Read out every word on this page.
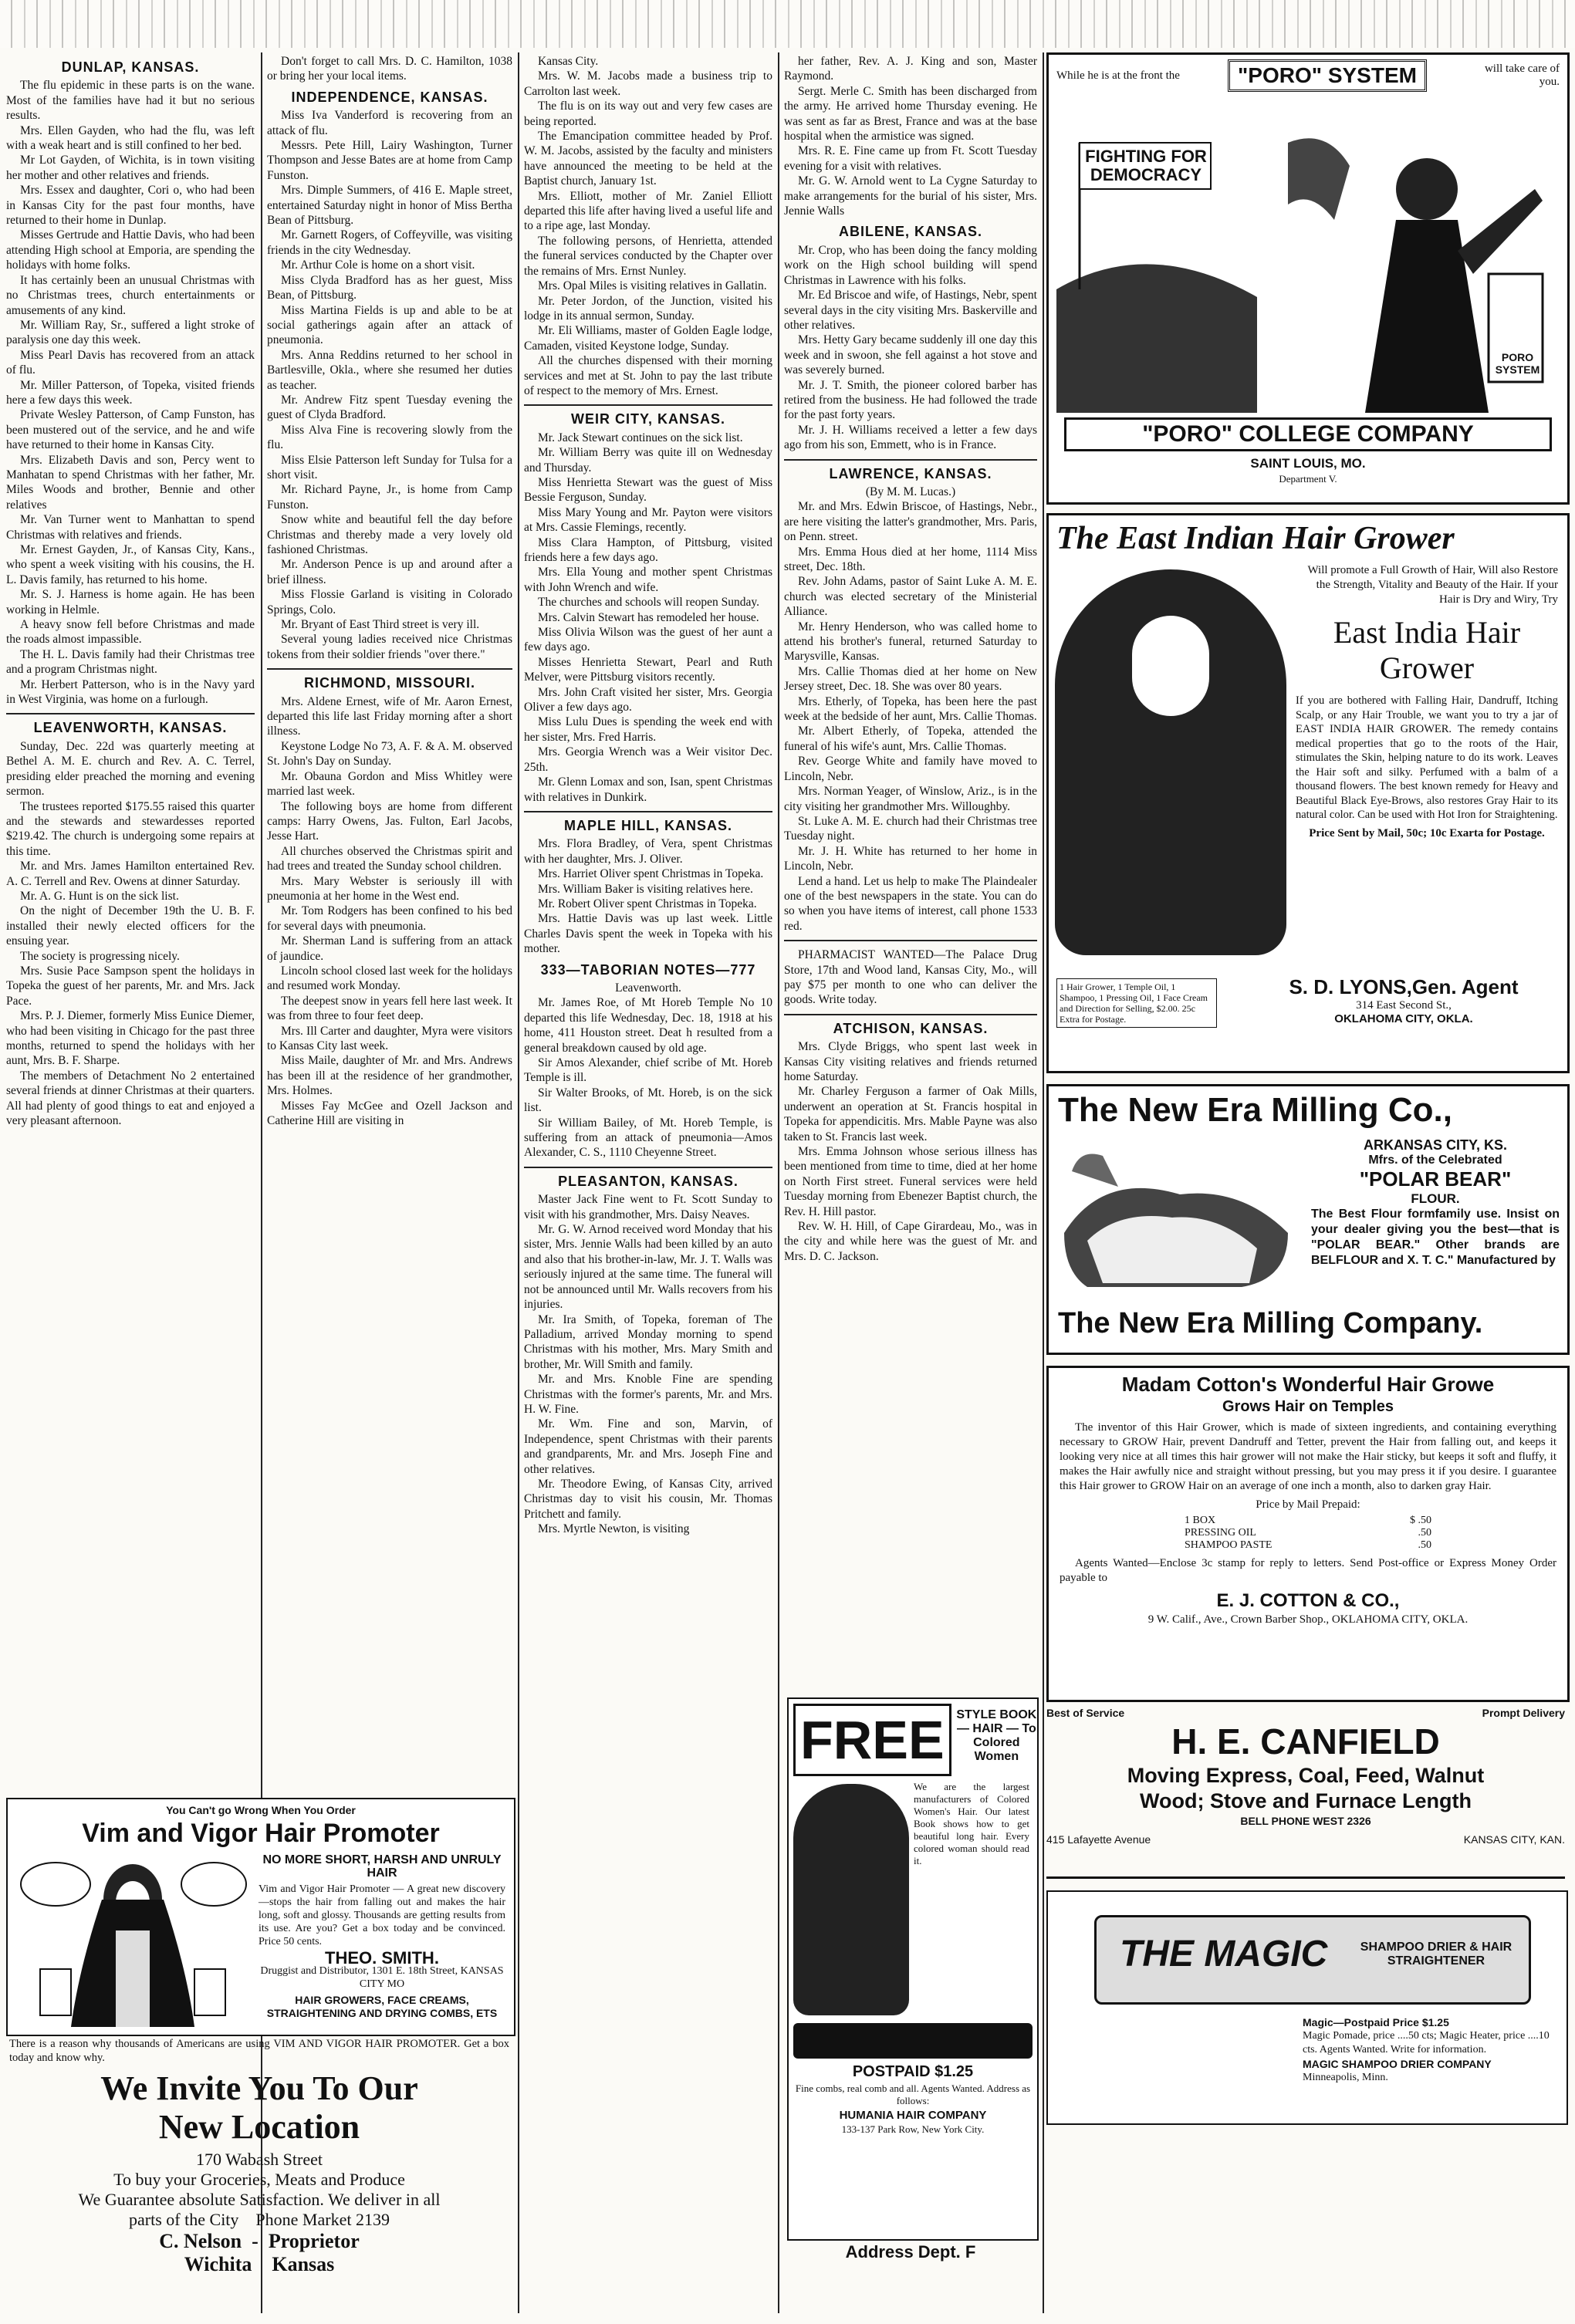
DUNLAP, KANSAS.

The flu epidemic in these parts is on the wane. Most of the families have had it but no serious results.

Mrs. Ellen Gayden, who had the flu, was left with a weak heart and is still confined to her bed.

Mr Lot Gayden, of Wichita, is in town visiting her mother and other relatives and friends.

Mrs. Essex and daughter, Cori o, who had been in Kansas City for the past four months, have returned to their home in Dunlap.

Misses Gertrude and Hattie Davis, who had been attending High school at Emporia, are spending the holidays with home folks.

It has certainly been an unusual Christmas with no Christmas trees, church entertainments or amusements of any kind.

Mr. William Ray, Sr., suffered a light stroke of paralysis one day this week.

Miss Pearl Davis has recovered from an attack of flu.

Mr. Miller Patterson, of Topeka, visited friends here a few days this week.

Private Wesley Patterson, of Camp Funston, has been mustered out of the service, and he and wife have returned to their home in Kansas City.

Mrs. Elizabeth Davis and son, Percy went to Manhatan to spend Christmas with her father, Mr. Miles Woods and brother, Bennie and other relatives

Mr. Van Turner went to Manhattan to spend Christmas with relatives and friends.

Mr. Ernest Gayden, Jr., of Kansas City, Kans., who spent a week visiting with his cousins, the H. L. Davis family, has returned to his home.

Mr. S. J. Harness is home again. He has been working in Helmle.

A heavy snow fell before Christmas and made the roads almost impassible.

The H. L. Davis family had their Christmas tree and a program Christmas night.

Mr. Herbert Patterson, who is in the Navy yard in West Virginia, was home on a furlough.

LEAVENWORTH, KANSAS.

Sunday, Dec. 22d was quarterly meeting at Bethel A. M. E. church and Rev. A. C. Terrel, presiding elder preached the morning and evening sermon.

The trustees reported $175.55 raised this quarter and the stewards and stewardesses reported $219.42. The church is undergoing some repairs at this time.

Mr. and Mrs. James Hamilton entertained Rev. A. C. Terrell and Rev. Owens at dinner Saturday.

Mr. A. G. Hunt is on the sick list.

On the night of December 19th the U. B. F. installed their newly elected officers for the ensuing year.

The society is progressing nicely.

Mrs. Susie Pace Sampson spent the holidays in Topeka the guest of her parents, Mr. and Mrs. Jack Pace.

Mrs. P. J. Diemer, formerly Miss Eunice Diemer, who had been visiting in Chicago for the past three months, returned to spend the holidays with her aunt, Mrs. B. F. Sharpe.

The members of Detachment No 2 entertained several friends at dinner Christmas at their quarters. All had plenty of good things to eat and enjoyed a very pleasant afternoon.

Don't forget to call Mrs. D. C. Hamilton, 1038 or bring her your local items.

INDEPENDENCE, KANSAS.

Miss Iva Vanderford is recovering from an attack of flu.

Messrs. Pete Hill, Lairy Washington, Turner Thompson and Jesse Bates are at home from Camp Funston.

Mrs. Dimple Summers, of 416 E. Maple street, entertained Saturday night in honor of Miss Bertha Bean of Pittsburg.

Mr. Garnett Rogers, of Coffeyville, was visiting friends in the city Wednesday.

Mr. Arthur Cole is home on a short visit.

Miss Clyda Bradford has as her guest, Miss Bean, of Pittsburg.

Miss Martina Fields is up and able to be at social gatherings again after an attack of pneumonia.

Mrs. Anna Reddins returned to her school in Bartlesville, Okla., where she resumed her duties as teacher.

Mr. Andrew Fitz spent Tuesday evening the guest of Clyda Bradford.

Miss Alva Fine is recovering slowly from the flu.

Miss Elsie Patterson left Sunday for Tulsa for a short visit.

Mr. Richard Payne, Jr., is home from Camp Funston.

Snow white and beautiful fell the day before Christmas and thereby made a very lovely old fashioned Christmas.

Mr. Anderson Pence is up and around after a brief illness.

Miss Flossie Garland is visiting in Colorado Springs, Colo.

Mr. Bryant of East Third street is very ill.

Several young ladies received nice Christmas tokens from their soldier friends "over there."

RICHMOND, MISSOURI.

Mrs. Aldene Ernest, wife of Mr. Aaron Ernest, departed this life last Friday morning after a short illness.

Keystone Lodge No 73, A. F. & A. M. observed St. John's Day on Sunday.

Mr. Obauna Gordon and Miss Whitley were married last week.

The following boys are home from different camps: Harry Owens, Jas. Fulton, Earl Jacobs, Jesse Hart.

All churches observed the Christmas spirit and had trees and treated the Sunday school children.

Mrs. Mary Webster is seriously ill with pneumonia at her home in the West end.

Mr. Tom Rodgers has been confined to his bed for several days with pneumonia.

Mr. Sherman Land is suffering from an attack of jaundice.

Lincoln school closed last week for the holidays and resumed work Monday.

The deepest snow in years fell here last week. It was from three to four feet deep.

Mrs. Ill Carter and daughter, Myra were visitors to Kansas City last week.

Miss Maile, daughter of Mr. and Mrs. Andrews has been ill at the residence of her grandmother, Mrs. Holmes.

Misses Fay McGee and Ozell Jackson and Catherine Hill are visiting in

You Can't go Wrong When You Order
Vim and Vigor Hair Promoter
NO MORE SHORT, HARSH AND UNRULY HAIR
Vim and Vigor Hair Promoter — A great new discovery—stops the hair from falling out and makes the hair long, soft and glossy. Thousands are getting results from its use. Are you? Get a box today and be convinced. Price 50 cents.
THEO. SMITH.
Druggist and Distributor, 1301 E. 18th Street, KANSAS CITY MO
HAIR GROWERS, FACE CREAMS, STRAIGHTENING AND DRYING COMBS, ETS
There is a reason why thousands of Americans are using VIM AND VIGOR HAIR PROMOTER. Get a box today and know why.
We Invite You To Our
New Location
170 Wabash Street
To buy your Groceries, Meats and Produce
We Guarantee absolute Satisfaction. We deliver in all
parts of the City Phone Market 2139
C. Nelson  -  Proprietor
Wichita Kansas

Kansas City.

Mrs. W. M. Jacobs made a business trip to Carrolton last week.

The flu is on its way out and very few cases are being reported.

The Emancipation committee headed by Prof. W. M. Jacobs, assisted by the faculty and ministers have announced the meeting to be held at the Baptist church, January 1st.

Mrs. Elliott, mother of Mr. Zaniel Elliott departed this life after having lived a useful life and to a ripe age, last Monday.

The following persons, of Henrietta, attended the funeral services conducted by the Chapter over the remains of Mrs. Ernst Nunley.

Mrs. Opal Miles is visiting relatives in Gallatin.

Mr. Peter Jordon, of the Junction, visited his lodge in its annual sermon, Sunday.

Mr. Eli Williams, master of Golden Eagle lodge, Camaden, visited Keystone lodge, Sunday.

All the churches dispensed with their morning services and met at St. John to pay the last tribute of respect to the memory of Mrs. Ernest.

WEIR CITY, KANSAS.

Mr. Jack Stewart continues on the sick list.

Mr. William Berry was quite ill on Wednesday and Thursday.

Miss Henrietta Stewart was the guest of Miss Bessie Ferguson, Sunday.

Miss Mary Young and Mr. Payton were visitors at Mrs. Cassie Flemings, recently.

Miss Clara Hampton, of Pittsburg, visited friends here a few days ago.

Mrs. Ella Young and mother spent Christmas with John Wrench and wife.

The churches and schools will reopen Sunday.

Mrs. Calvin Stewart has remodeled her house.

Miss Olivia Wilson was the guest of her aunt a few days ago.

Misses Henrietta Stewart, Pearl and Ruth Melver, were Pittsburg visitors recently.

Mrs. John Craft visited her sister, Mrs. Georgia Oliver a few days ago.

Miss Lulu Dues is spending the week end with her sister, Mrs. Fred Harris.

Mrs. Georgia Wrench was a Weir visitor Dec. 25th.

Mr. Glenn Lomax and son, Isan, spent Christmas with relatives in Dunkirk.

MAPLE HILL, KANSAS.

Mrs. Flora Bradley, of Vera, spent Christmas with her daughter, Mrs. J. Oliver.

Mrs. Harriet Oliver spent Christmas in Topeka.

Mrs. William Baker is visiting relatives here.

Mr. Robert Oliver spent Christmas in Topeka.

Mrs. Hattie Davis was up last week. Little Charles Davis spent the week in Topeka with his mother.

333—TABORIAN NOTES—777
Leavenworth.

Mr. James Roe, of Mt Horeb Temple No 10 departed this life Wednesday, Dec. 18, 1918 at his home, 411 Houston street. Deat h resulted from a general breakdown caused by old age.

Sir Amos Alexander, chief scribe of Mt. Horeb Temple is ill.

Sir Walter Brooks, of Mt. Horeb, is on the sick list.

Sir William Bailey, of Mt. Horeb Temple, is suffering from an attack of pneumonia—Amos Alexander, C. S., 1110 Cheyenne Street.

PLEASANTON, KANSAS.

Master Jack Fine went to Ft. Scott Sunday to visit with his grandmother, Mrs. Daisy Neaves.

Mr. G. W. Arnod received word Monday that his sister, Mrs. Jennie Walls had been killed by an auto and also that his brother-in-law, Mr. J. T. Walls was seriously injured at the same time. The funeral will not be announced until Mr. Walls recovers from his injuries.

Mr. Ira Smith, of Topeka, foreman of The Palladium, arrived Monday morning to spend Christmas with his mother, Mrs. Mary Smith and brother, Mr. Will Smith and family.

Mr. and Mrs. Knoble Fine are spending Christmas with the former's parents, Mr. and Mrs. H. W. Fine.

Mr. Wm. Fine and son, Marvin, of Independence, spent Christmas with their parents and grandparents, Mr. and Mrs. Joseph Fine and other relatives.

Mr. Theodore Ewing, of Kansas City, arrived Christmas day to visit his cousin, Mr. Thomas Pritchett and family.

Mrs. Myrtle Newton, is visiting

her father, Rev. A. J. King and son, Master Raymond.

Sergt. Merle C. Smith has been discharged from the army. He arrived home Thursday evening. He was sent as far as Brest, France and was at the base hospital when the armistice was signed.

Mrs. R. E. Fine came up from Ft. Scott Tuesday evening for a visit with relatives.

Mr. G. W. Arnold went to La Cygne Saturday to make arrangements for the burial of his sister, Mrs. Jennie Walls

ABILENE, KANSAS.

Mr. Crop, who has been doing the fancy molding work on the High school building will spend Christmas in Lawrence with his folks.

Mr. Ed Briscoe and wife, of Hastings, Nebr, spent several days in the city visiting Mrs. Baskerville and other relatives.

Mrs. Hetty Gary became suddenly ill one day this week and in swoon, she fell against a hot stove and was severely burned.

Mr. J. T. Smith, the pioneer colored barber has retired from the business. He had followed the trade for the past forty years.

Mr. J. H. Williams received a letter a few days ago from his son, Emmett, who is in France.

LAWRENCE, KANSAS.
(By M. M. Lucas.)

Mr. and Mrs. Edwin Briscoe, of Hastings, Nebr., are here visiting the latter's grandmother, Mrs. Paris, on Penn. street.

Mrs. Emma Hous died at her home, 1114 Miss street, Dec. 18th.

Rev. John Adams, pastor of Saint Luke A. M. E. church was elected secretary of the Ministerial Alliance.

Mr. Henry Henderson, who was called home to attend his brother's funeral, returned Saturday to Marysville, Kansas.

Mrs. Callie Thomas died at her home on New Jersey street, Dec. 18. She was over 80 years.

Mrs. Etherly, of Topeka, has been here the past week at the bedside of her aunt, Mrs. Callie Thomas.

Mr. Albert Etherly, of Topeka, attended the funeral of his wife's aunt, Mrs. Callie Thomas.

Rev. George White and family have moved to Lincoln, Nebr.

Mrs. Norman Yeager, of Winslow, Ariz., is in the city visiting her grandmother Mrs. Willoughby.

St. Luke A. M. E. church had their Christmas tree Tuesday night.

Mr. J. H. White has returned to her home in Lincoln, Nebr.

Lend a hand. Let us help to make The Plaindealer one of the best newspapers in the state. You can do so when you have items of interest, call phone 1533 red.

PHARMACIST WANTED—The Palace Drug Store, 17th and Wood land, Kansas City, Mo., will pay $75 per month to one who can deliver the goods. Write today.

ATCHISON, KANSAS.

Mrs. Clyde Briggs, who spent last week in Kansas City visiting relatives and friends returned home Saturday.

Mr. Charley Ferguson a farmer of Oak Mills, underwent an operation at St. Francis hospital in Topeka for appendicitis. Mrs. Mable Payne was also taken to St. Francis last week.

Mrs. Emma Johnson whose serious illness has been mentioned from time to time, died at her home on North First street. Funeral services were held Tuesday morning from Ebenezer Baptist church, the Rev. H. Hill pastor.

Rev. W. H. Hill, of Cape Girardeau, Mo., was in the city and while here was the guest of Mr. and Mrs. D. C. Jackson.

FREE STYLE BOOK — HAIR — To Colored Women
We are the largest manufacturers of Colored Women's Hair. Our latest Book shows how to get beautiful long hair. Every colored woman should read it.
POSTPAID $1.25
Fine combs, real comb and all. Agents Wanted. Address as follows:
HUMANIA HAIR COMPANY
133-137 Park Row, New York City.
Address Dept. F
While he is at the front the	"PORO" SYSTEM	will take care of you.
FIGHTING FOR DEMOCRACY
PORO SYSTEM
"PORO" COLLEGE COMPANY
SAINT LOUIS, MO.
Department V.
The East Indian Hair Grower
Will promote a Full Growth of Hair, Will also Restore the Strength, Vitality and Beauty of the Hair. If your Hair is Dry and Wiry, Try
East India Hair
Grower
If you are bothered with Falling Hair, Dandruff, Itching Scalp, or any Hair Trouble, we want you to try a jar of EAST INDIA HAIR GROWER. The remedy contains medical properties that go to the roots of the Hair, stimulates the Skin, helping nature to do its work. Leaves the Hair soft and silky. Perfumed with a balm of a thousand flowers. The best known remedy for Heavy and Beautiful Black Eye-Brows, also restores Gray Hair to its natural color. Can be used with Hot Iron for Straightening.
Price Sent by Mail, 50c; 10c Exarta for Postage.
1 Hair Grower, 1 Temple Oil, 1 Shampoo, 1 Pressing Oil, 1 Face Cream and Direction for Selling, $2.00. 25c Extra for Postage.
S. D. LYONS,Gen. Agent
314 East Second St.,
OKLAHOMA CITY, OKLA.
The New Era Milling Co.,
ARKANSAS CITY, KS.
Mfrs. of the Celebrated
"POLAR BEAR"
FLOUR.
The Best Flour formfamily use. Insist on your dealer giving you the best—that is "POLAR BEAR." Other brands are BELFLOUR and X. T. C." Manufactured by
The New Era Milling Company.
Madam Cotton's Wonderful Hair Growe
Grows Hair on Temples
The inventor of this Hair Grower, which is made of sixteen ingredients, and containing everything necessary to GROW Hair, prevent Dandruff and Tetter, prevent the Hair from falling out, and keeps it looking very nice at all times this hair grower will not make the Hair sticky, but keeps it soft and fluffy, it makes the Hair awfully nice and straight without pressing, but you may press it if you desire. I guarantee this Hair grower to GROW Hair on an average of one inch a month, also to darken gray Hair.
Price by Mail Prepaid:
1 BOX	$ .50
PRESSING OIL	.50
SHAMPOO PASTE	.50
Agents Wanted—Enclose 3c stamp for reply to letters. Send Post-office or Express Money Order payable to
E. J. COTTON & CO.,
9 W. Calif., Ave., Crown Barber Shop., OKLAHOMA CITY, OKLA.
Best of Service	Prompt Delivery
H. E. CANFIELD
Moving Express, Coal, Feed, Walnut
Wood; Stove and Furnace Length
BELL PHONE WEST 2326
415 Lafayette Avenue	KANSAS CITY, KAN.
THE MAGIC	SHAMPOO DRIER & HAIR STRAIGHTENER
Magic—Postpaid Price $1.25
Magic Pomade, price ....50 cts; Magic Heater, price ....10 cts. Agents Wanted. Write for information.
MAGIC SHAMPOO DRIER COMPANY
Minneapolis, Minn.
